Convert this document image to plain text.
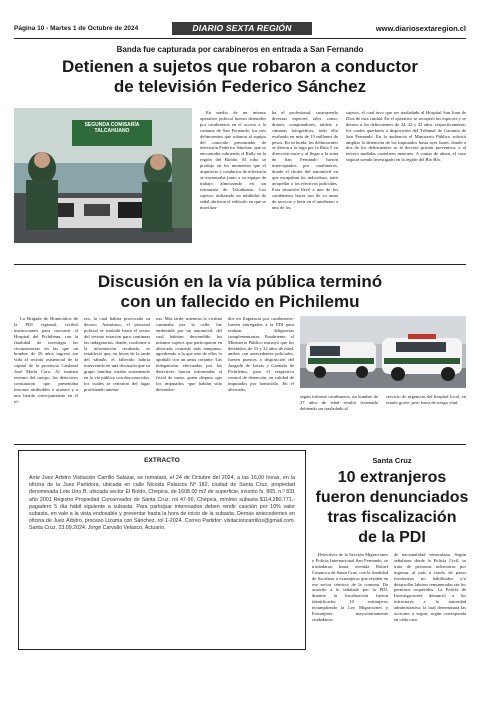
Página 10 - Martes 1 de Octubre de 2024	DIARIO SEXTA REGIÓN	www.diariosextaregion.cl
Banda fue capturada por carabineros en entrada a San Fernando
Detienen a sujetos que robaron a conductor
de televisión Federico Sánchez
SEGUNDA COMISARÍA TALCAHUANO

En medio de un intenso operativo policial fueron detenidos por carabineros en el acceso a la comuna de San Fernando, los tres delincuentes que robaron al equipo del conocido presentador de televisión Federico Sánchez, que se encontraba cubriendo el Rally en la región del Biobío. El robo se produjo en los momentos que el arquitecto y conductor de televisión se encontraba junto a su equipo de trabajo almorzando en un restaurant de Talcahuano. Los sujetos, utilizando un inhibidor de señal abrieron el vehículo en que se moviliza-

ba el profesional, sustrayendo diversas especies tales como, drones, computadores, tablets y cámaras fotográficas, todo ello evaluado en más de 15 millones de pesos. En su huida, los delincuentes se dieron a la fuga por la Ruta 5 en dirección norte y al llegar a la zona de San Fernando fueron interceptados por carabineros, donde el chofer del automóvil en que escapaban los individuos, trató atropellar a los efectivos policiales. Esta situación llevó a uno de los carabineros hacer uso de su arma de servicio y herir en el antebrazo a uno de los

sujetos, el cual tuvo que ser trasladado al Hospital San Juan de Dios de esta ciudad. En el operativo se recuperó las especies y se detuvo a los delincuentes de 24, 42 y 32 años, respectivamente, los cuales quedaron a disposición del Tribunal de Garantía de San Fernando. En la audiencia el Ministerio Público solicitó ampliar la detención de los imputados hasta ayer lunes, donde a dos de los delincuentes se le decretó prisión preventiva, y al tercero medidas cautelares menores. A contar de ahora, el caso seguirá siendo investigado en la región del Bío Bío.

Discusión en la vía pública terminó
con un fallecido en Pichilemu

La Brigada de Homicidios de la PDI regional, recibió instrucciones para concurrir al Hospital del Pichilemu, con la finalidad de investigar las circunstancias en las que un hombre de 26 años ingresó sin vida al recinto asistencial de la capital de la provincia Cardenal José María Caro. Al examen externo del cuerpo, los detectives constataron que presentaba lesiones atribuibles a arrastre y a una herida corto-punzante en el tó-

rax, la cual habría provocado su deceso. Asimismo, el personal policial se trasladó hasta el sector del recinto estación para continuar las indagatorias, donde, conforme a la información recabada, se estableció que, en horas de la tarde del sábado, el fallecido habría intervenido en una discusión que su grupo familiar estaba sosteniendo en la vía pública con desconocidos, los cuales se retiraron del lugar profiriendo amena-

zas. Más tarde, mientras la víctima caminaba por la calle, fue embestida por un automóvil, del cual habrían descendido los mismos sujetos que participaron en altercado ocurrido más temprano, agrediendo a la que uno de ellos lo apuñaló con un arma cortante. Las indagatorias efectuadas por los detectives fueron informadas al fiscal de turno, quien dispuso que los imputados -que habían sido detenidos-

dos en flagrancia por carabineros- fuesen entregados a la PDI para realizar diligencias complementarias. Finalmente, el Ministerio Público instruyó que los detenidos, de 23 y 32 años de edad, ambos con antecedentes policiales, fuesen puestos a disposición del Juzgado de Letras y Garantía de Pichilemu, para el respectivo control de detención, en calidad de imputados por homicidio. En el altercado,

según informó carabineros, un hombre de 27 años de edad resultó lesionado debiendo ser trasladado al

servicio de urgencias del hospital local, en estado grave, pero fuera de riesgo vital.

EXTRACTO
Ante Juez Árbitro Visitación Carrillo Salazar, se rematará, el 24 de Octubre del 2024, a las 16,00 horas, en la oficina de la Juez Partidora, ubicada en calle Nicolás Palacios Nº 182, ciudad de Santa Cruz, propiedad denominada Lote Uno B, ubicada sector El Boldo, Chépica, de 1608.00 m2 de superficie, inscrito fs. 865, n.º 831 año 2001 Registro Propiedad Conservador de Santa Cruz, rol 47-90, Chépica, mínimo subasta $114.280.771.- pagadero 5 día hábil siguiente a subasta. Para participar interesados deben rendir caución por 10% valor subasta, en vale a la vista endosable y presentar hasta la hora de inicio de la subasta. Demás antecedentes en oficina de Juez Árbitro, proceso Lizama con Sánchez, rol 1-2024. Correo Partidor: visitacioncarrillos@gmail.com. Santa Cruz, 23.09.2024. Jorge Carvallo Velasco, Actuario.
Santa Cruz
10 extranjeros
fueron denunciados
tras fiscalización
de la PDI

Detectives de la Sección Migraciones y Policía Internacional San Fernando, se trasladaron hasta avenida Rafael Casanova de Santa Cruz, con la finalidad de fiscalizar a extranjeros que residen en ese sector céntrico de la comuna. De acuerdo a lo señalado por la PDI, durante la fiscalización fueron identificados 10 extranjeros incumpliendo la Ley Migraciones y Extranjería, mayoritariamente ciudadanos

de nacionalidad venezolana. Según señalaron desde la Policía Civil, se trata de personas infractoras por ingresar al país a través de pasos fronterizos no habilitados y/o desarrollar labores remuneradas sin los permisos requeridos. La Policía de Investigaciones denunció a los infractores a la autoridad administrativa, la cual determinará las acciones a seguir, según corresponda en cada caso.
